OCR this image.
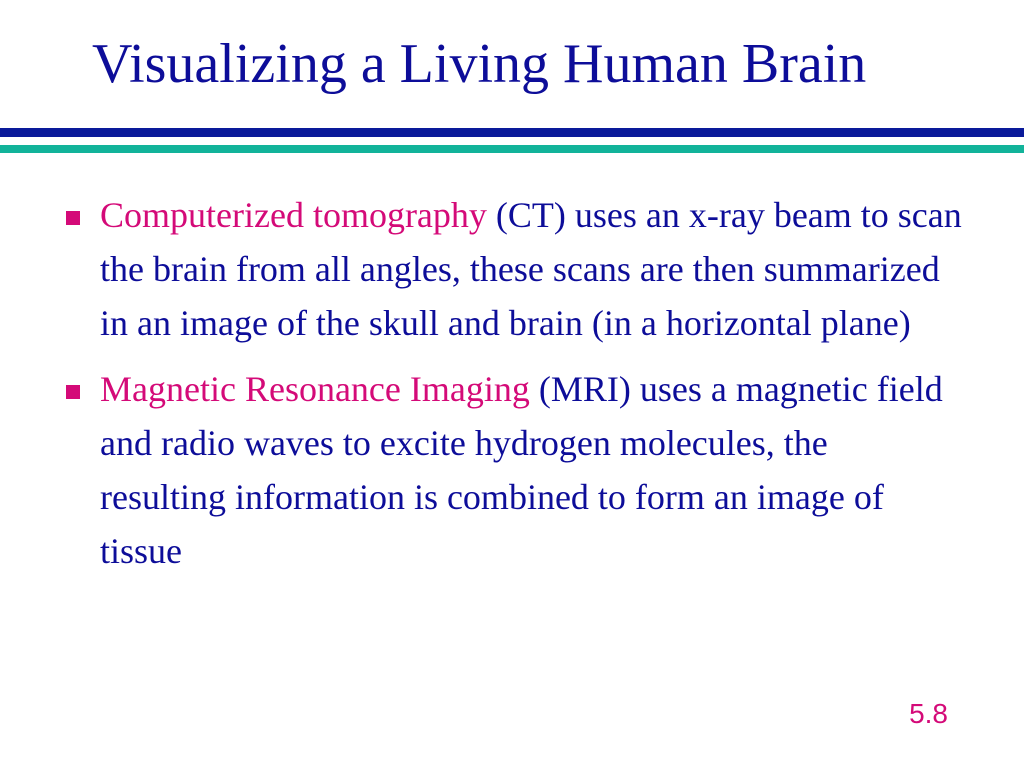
Visualizing a Living Human Brain
Computerized tomography (CT) uses an x-ray beam to scan the brain from all angles, these scans are then summarized in an image of the skull and brain (in a horizontal plane)
Magnetic Resonance Imaging (MRI) uses a magnetic field and radio waves to excite hydrogen molecules, the resulting information is combined to form an image of tissue
5.8
